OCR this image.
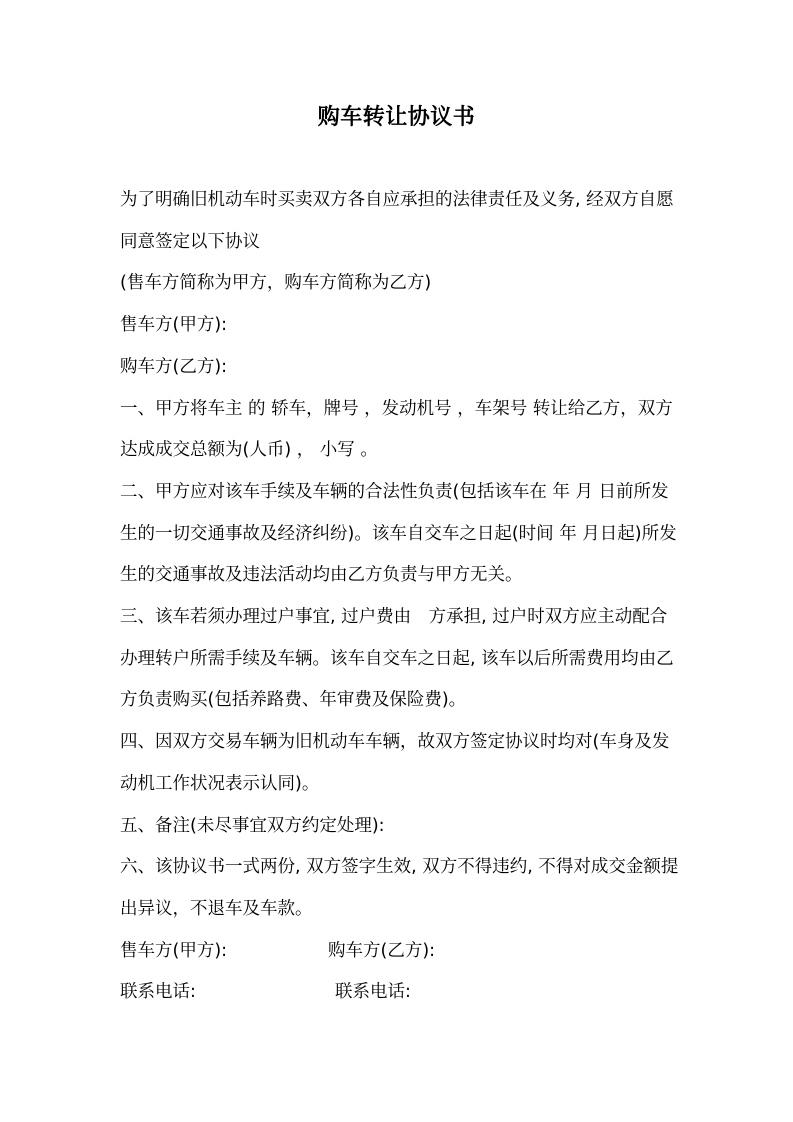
购车转让协议书

为了明确旧机动车时买卖双方各自应承担的法律责任及义务, 经双方自愿同意签定以下协议

(售车方简称为甲方，购车方简称为乙方)

售车方(甲方):

购车方(乙方):

一、甲方将车主 的 轿车，牌号 ，发动机号 ，车架号 转让给乙方，双方达成成交总额为(人币) ， 小写 。

二、甲方应对该车手续及车辆的合法性负责(包括该车在 年 月 日前所发生的一切交通事故及经济纠纷)。该车自交车之日起(时间 年 月日起)所发生的交通事故及违法活动均由乙方负责与甲方无关。

三、该车若须办理过户事宜, 过户费由　方承担, 过户时双方应主动配合办理转户所需手续及车辆。该车自交车之日起, 该车以后所需费用均由乙方负责购买(包括养路费、年审费及保险费)。

四、因双方交易车辆为旧机动车车辆，故双方签定协议时均对(车身及发动机工作状况表示认同)。

五、备注(未尽事宜双方约定处理):

六、该协议书一式两份, 双方签字生效, 双方不得违约, 不得对成交金额提出异议，不退车及车款。

售车方(甲方):	购车方(乙方):
联系电话:	联系电话:
